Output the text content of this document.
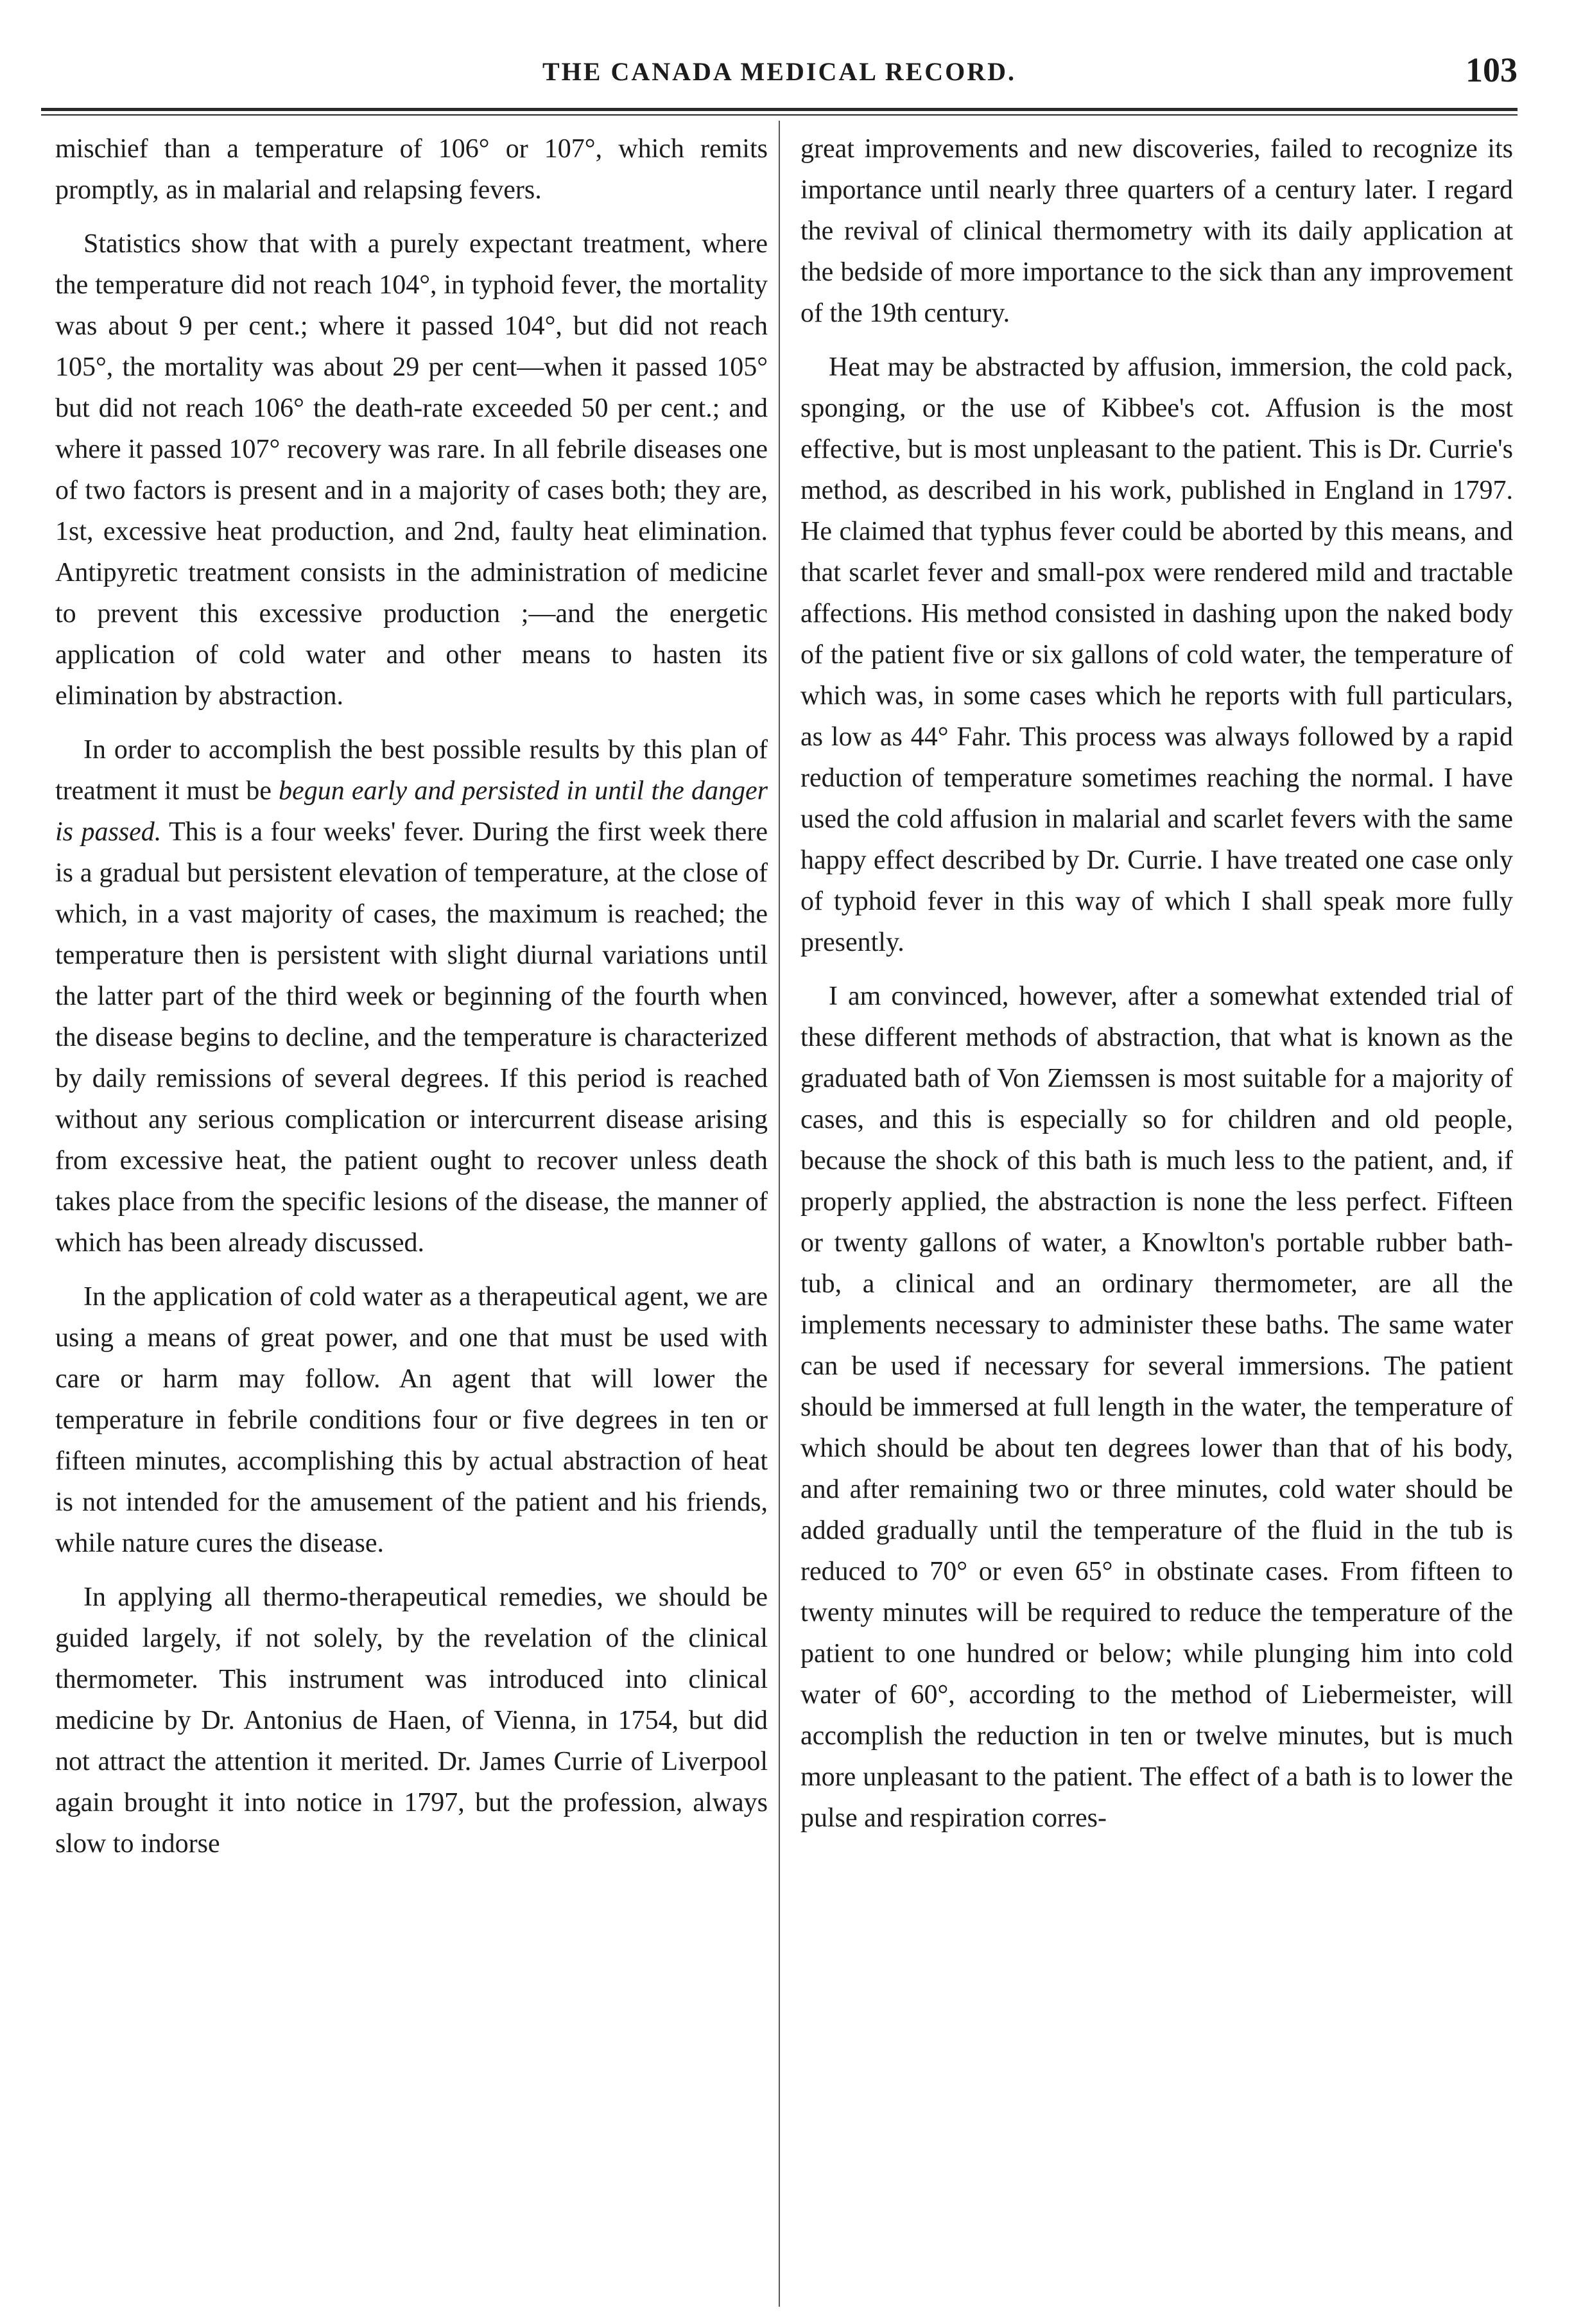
THE CANADA MEDICAL RECORD.	103

mischief than a temperature of 106° or 107°, which remits promptly, as in malarial and relapsing fevers.

Statistics show that with a purely expectant treatment, where the temperature did not reach 104°, in typhoid fever, the mortality was about 9 per cent.; where it passed 104°, but did not reach 105°, the mortality was about 29 per cent—when it passed 105° but did not reach 106° the death-rate exceeded 50 per cent.; and where it passed 107° recovery was rare. In all febrile diseases one of two factors is present and in a majority of cases both; they are, 1st, excessive heat production, and 2nd, faulty heat elimination. Antipyretic treatment consists in the administration of medicine to prevent this excessive production ;—and the energetic application of cold water and other means to hasten its elimination by abstraction.

In order to accomplish the best possible results by this plan of treatment it must be begun early and persisted in until the danger is passed. This is a four weeks' fever. During the first week there is a gradual but persistent elevation of temperature, at the close of which, in a vast majority of cases, the maximum is reached; the temperature then is persistent with slight diurnal variations until the latter part of the third week or beginning of the fourth when the disease begins to decline, and the temperature is characterized by daily remissions of several degrees. If this period is reached without any serious complication or intercurrent disease arising from excessive heat, the patient ought to recover unless death takes place from the specific lesions of the disease, the manner of which has been already discussed.

In the application of cold water as a therapeutical agent, we are using a means of great power, and one that must be used with care or harm may follow. An agent that will lower the temperature in febrile conditions four or five degrees in ten or fifteen minutes, accomplishing this by actual abstraction of heat is not intended for the amusement of the patient and his friends, while nature cures the disease.

In applying all thermo-therapeutical remedies, we should be guided largely, if not solely, by the revelation of the clinical thermometer. This instrument was introduced into clinical medicine by Dr. Antonius de Haen, of Vienna, in 1754, but did not attract the attention it merited. Dr. James Currie of Liverpool again brought it into notice in 1797, but the profession, always slow to indorse

great improvements and new discoveries, failed to recognize its importance until nearly three quarters of a century later. I regard the revival of clinical thermometry with its daily application at the bedside of more importance to the sick than any improvement of the 19th century.

Heat may be abstracted by affusion, immersion, the cold pack, sponging, or the use of Kibbee's cot. Affusion is the most effective, but is most unpleasant to the patient. This is Dr. Currie's method, as described in his work, published in England in 1797. He claimed that typhus fever could be aborted by this means, and that scarlet fever and small-pox were rendered mild and tractable affections. His method consisted in dashing upon the naked body of the patient five or six gallons of cold water, the temperature of which was, in some cases which he reports with full particulars, as low as 44° Fahr. This process was always followed by a rapid reduction of temperature sometimes reaching the normal. I have used the cold affusion in malarial and scarlet fevers with the same happy effect described by Dr. Currie. I have treated one case only of typhoid fever in this way of which I shall speak more fully presently.

I am convinced, however, after a somewhat extended trial of these different methods of abstraction, that what is known as the graduated bath of Von Ziemssen is most suitable for a majority of cases, and this is especially so for children and old people, because the shock of this bath is much less to the patient, and, if properly applied, the abstraction is none the less perfect. Fifteen or twenty gallons of water, a Knowlton's portable rubber bath-tub, a clinical and an ordinary thermometer, are all the implements necessary to administer these baths. The same water can be used if necessary for several immersions. The patient should be immersed at full length in the water, the temperature of which should be about ten degrees lower than that of his body, and after remaining two or three minutes, cold water should be added gradually until the temperature of the fluid in the tub is reduced to 70° or even 65° in obstinate cases. From fifteen to twenty minutes will be required to reduce the temperature of the patient to one hundred or below; while plunging him into cold water of 60°, according to the method of Liebermeister, will accomplish the reduction in ten or twelve minutes, but is much more unpleasant to the patient. The effect of a bath is to lower the pulse and respiration corres-
